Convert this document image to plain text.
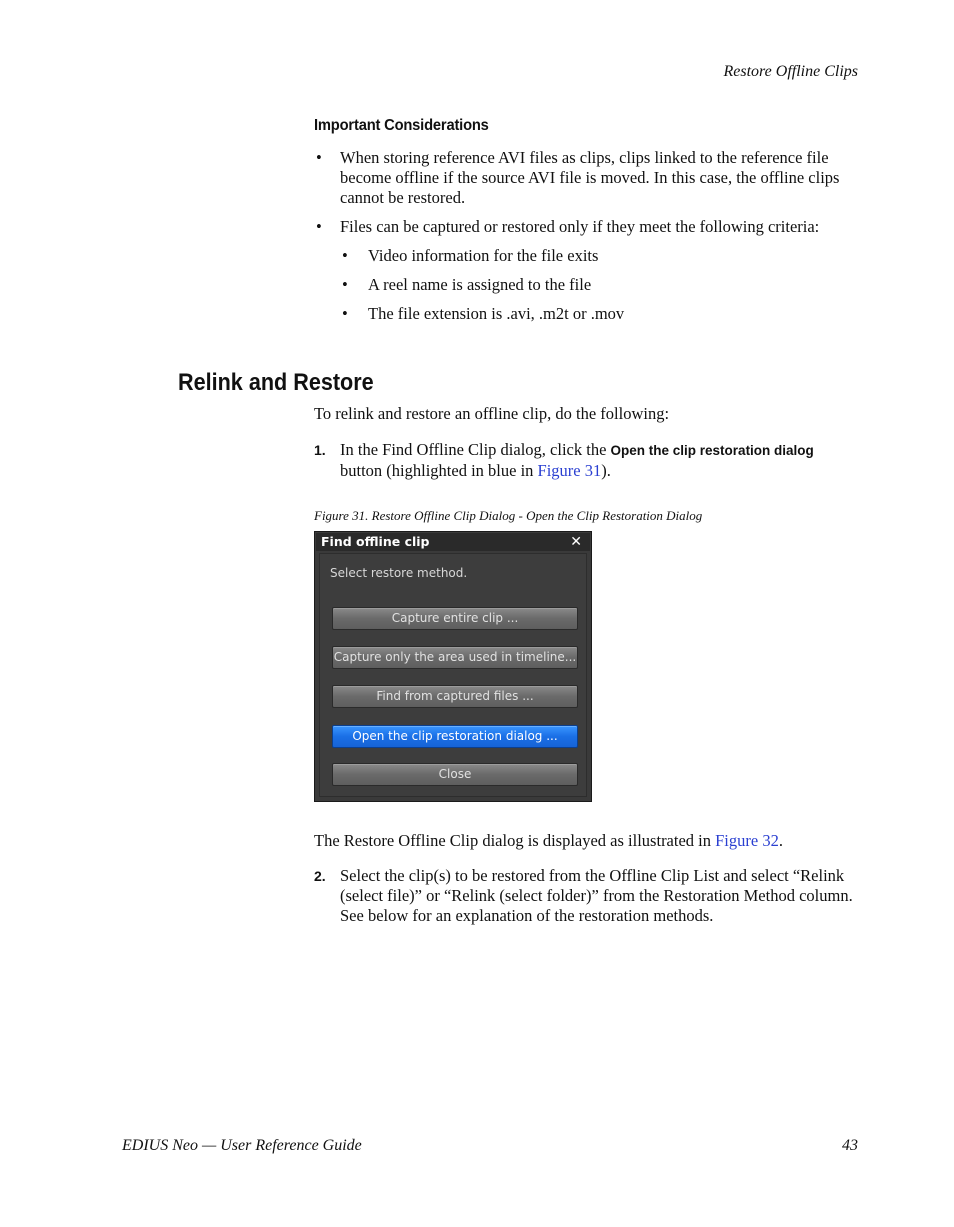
Restore Offline Clips
Important Considerations
• When storing reference AVI files as clips, clips linked to the reference file become offline if the source AVI file is moved. In this case, the offline clips cannot be restored.
• Files can be captured or restored only if they meet the following criteria:
• Video information for the file exits
• A reel name is assigned to the file
• The file extension is .avi, .m2t or .mov
Relink and Restore
To relink and restore an offline clip, do the following:
1. In the Find Offline Clip dialog, click the Open the clip restoration dialog button (highlighted in blue in Figure 31).
Figure 31. Restore Offline Clip Dialog - Open the Clip Restoration Dialog
Find offline clip	✕
Select restore method.
Capture entire clip ...
Capture only the area used in timeline...
Find from captured files ...
Open the clip restoration dialog ...
Close
The Restore Offline Clip dialog is displayed as illustrated in Figure 32.
2. Select the clip(s) to be restored from the Offline Clip List and select “Relink (select file)” or “Relink (select folder)” from the Restoration Method column. See below for an explanation of the restoration methods.
EDIUS Neo — User Reference Guide	43
